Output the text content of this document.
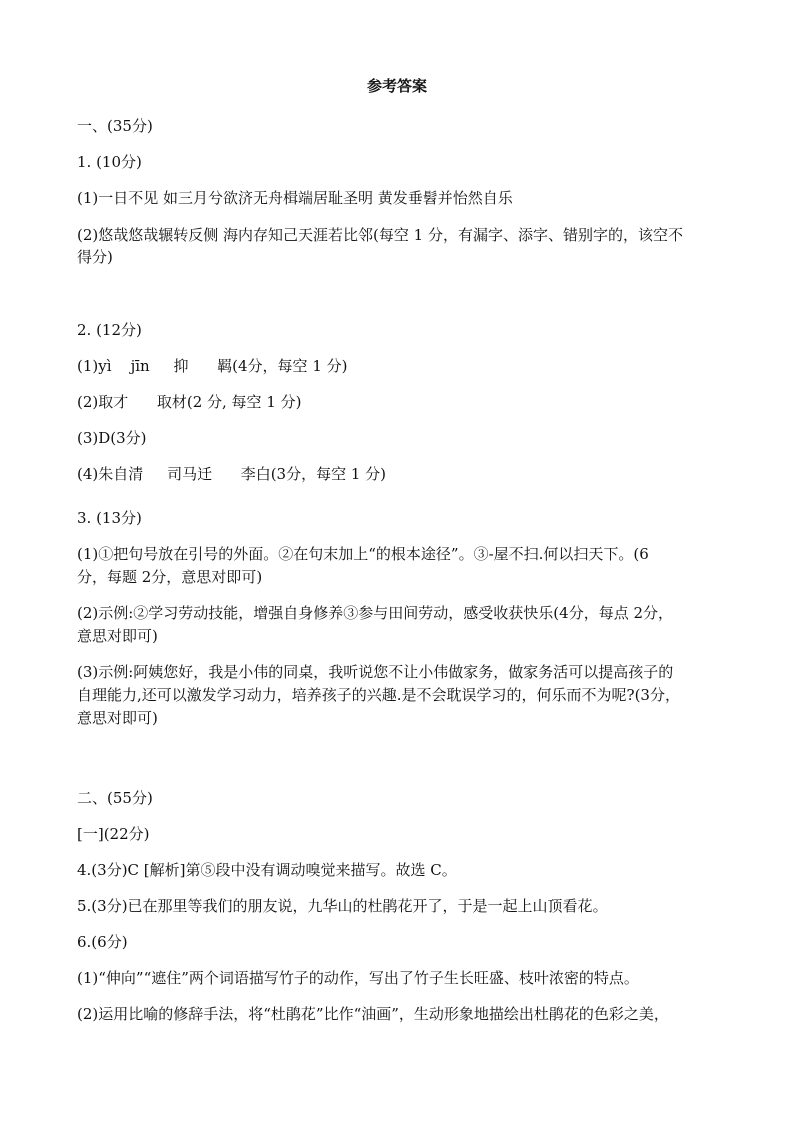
参考答案

一、(35分)

1. (10分)

(1)一日不见 如三月兮欲济无舟楫端居耻圣明 黄发垂髫并怡然自乐

(2)悠哉悠哉辗转反侧 海内存知己天涯若比邻(每空 1 分，有漏字、添字、错别字的，该空不

得分)

2. (12分)

(1)yì    jīn     抑      羁(4分，每空 1 分)

(2)取才      取材(2 分, 每空 1 分)

(3)D(3分)

(4)朱自清     司马迁      李白(3分，每空 1 分)

3. (13分)

(1)①把句号放在引号的外面。②在句末加上“的根本途径”。③-屋不扫.何以扫天下。(6

分，每题 2分，意思对即可)

(2)示例:②学习劳动技能，增强自身修养③参与田间劳动，感受收获快乐(4分，每点 2分，

意思对即可)

(3)示例:阿姨您好，我是小伟的同桌，我听说您不让小伟做家务，做家务活可以提高孩子的

自理能力,还可以激发学习动力，培养孩子的兴趣.是不会耽误学习的，何乐而不为呢?(3分，

意思对即可)

二、(55分)

[一](22分)

4.(3分)C [解析]第⑤段中没有调动嗅觉来描写。故选 C。

5.(3分)已在那里等我们的朋友说，九华山的杜鹃花开了，于是一起上山顶看花。

6.(6分)

(1)“伸向”“遮住”两个词语描写竹子的动作，写出了竹子生长旺盛、枝叶浓密的特点。

(2)运用比喻的修辞手法，将“杜鹃花”比作“油画”，生动形象地描绘出杜鹃花的色彩之美，
